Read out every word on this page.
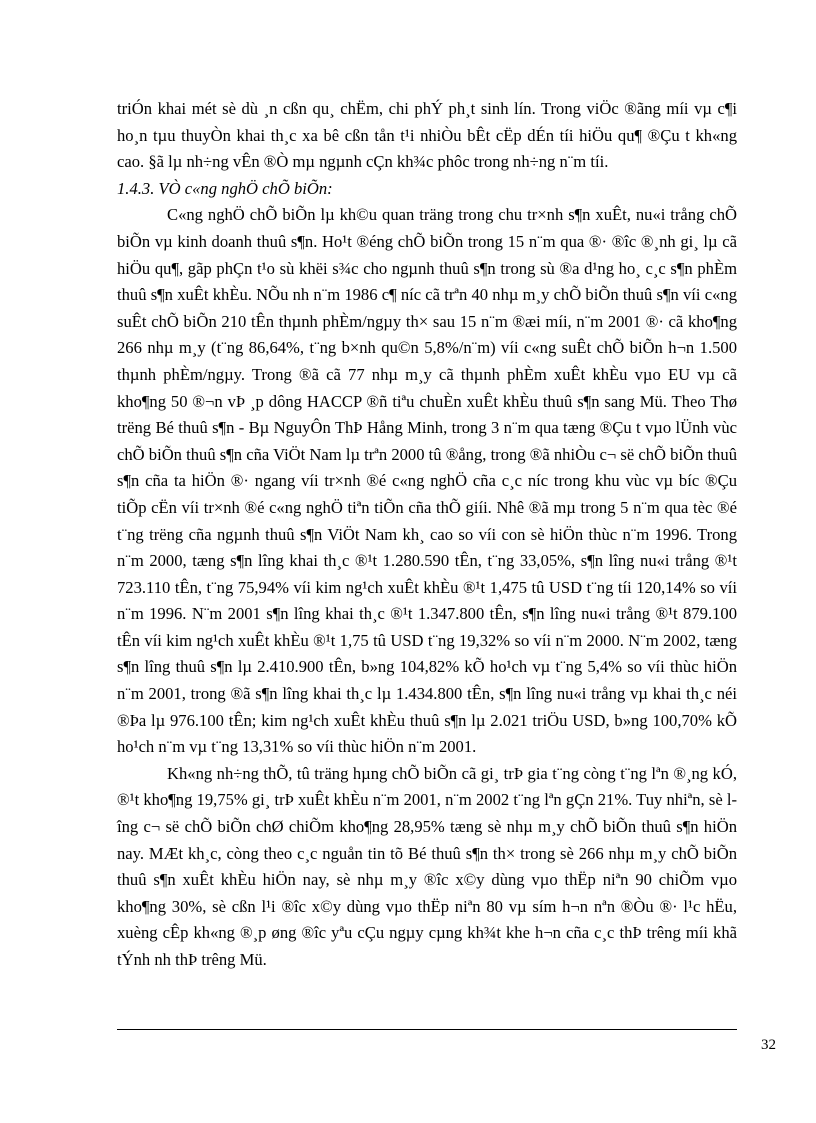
triÓn khai mét sè dù ¸n cßn qu¸ chËm, chi phÝ ph¸t sinh lín. Trong viÖc ®ãng míi vµ c¶i ho¸n tµu thuyÒn khai th¸c xa bê cßn tån t¹i nhiÒu bÊt cËp dÉn tíi hiÖu qu¶ ®Çu t kh«ng cao. §ã lµ nh÷ng vÊn ®Ò mµ ngµnh cÇn kh¾c phôc trong nh÷ng n¨m tíi.

1.4.3. VÒ c«ng nghÖ chÕ biÕn:

C«ng nghÖ chÕ biÕn lµ kh©u quan träng trong chu tr×nh s¶n xuÊt, nu«i trång chÕ biÕn vµ kinh doanh thuû s¶n. Ho¹t ®éng chÕ biÕn trong 15 n¨m qua ®· ®îc ®¸nh gi¸ lµ cã hiÖu qu¶, gãp phÇn t¹o sù khëi s¾c cho ngµnh thuû s¶n trong sù ®a d¹ng ho¸ c¸c s¶n phÈm thuû s¶n xuÊt khÈu. NÕu nh n¨m 1986 c¶ níc cã trªn 40 nhµ m¸y chÕ biÕn thuû s¶n víi c«ng suÊt chÕ biÕn 210 tÊn thµnh phÈm/ngµy th× sau 15 n¨m ®æi míi, n¨m 2001 ®· cã kho¶ng 266 nhµ m¸y (t¨ng 86,64%, t¨ng b×nh qu©n 5,8%/n¨m) víi c«ng suÊt chÕ biÕn h¬n 1.500 thµnh phÈm/ngµy. Trong ®ã cã 77 nhµ m¸y cã thµnh phÈm xuÊt khÈu vµo EU vµ cã kho¶ng 50 ®¬n vÞ ¸p dông HACCP ®ñ tiªu chuÈn xuÊt khÈu thuû s¶n sang Mü. Theo Thø trëng Bé thuû s¶n - Bµ NguyÔn ThÞ Hång Minh, trong 3 n¨m qua tæng ®Çu t vµo lÜnh vùc chÕ biÕn thuû s¶n cña ViÖt Nam lµ trªn 2000 tû ®ång, trong ®ã nhiÒu c¬ së chÕ biÕn thuû s¶n cña ta hiÖn ®· ngang víi tr×nh ®é c«ng nghÖ cña c¸c níc trong khu vùc vµ bíc ®Çu tiÕp cËn víi tr×nh ®é c«ng nghÖ tiªn tiÕn cña thÕ giíi. Nhê ®ã mµ trong 5 n¨m qua tèc ®é t¨ng trëng cña ngµnh thuû s¶n ViÖt Nam kh¸ cao so víi con sè hiÖn thùc n¨m 1996. Trong n¨m 2000, tæng s¶n lîng khai th¸c ®¹t 1.280.590 tÊn, t¨ng 33,05%, s¶n lîng nu«i trång ®¹t 723.110 tÊn, t¨ng 75,94% víi kim ng¹ch xuÊt khÈu ®¹t 1,475 tû USD t¨ng tíi 120,14% so víi n¨m 1996. N¨m 2001 s¶n lîng khai th¸c ®¹t 1.347.800 tÊn, s¶n lîng nu«i trång ®¹t 879.100 tÊn víi kim ng¹ch xuÊt khÈu ®¹t 1,75 tû USD t¨ng 19,32% so víi n¨m 2000. N¨m 2002, tæng s¶n lîng thuû s¶n lµ 2.410.900 tÊn, b»ng 104,82% kÕ ho¹ch vµ t¨ng 5,4% so víi thùc hiÖn n¨m 2001, trong ®ã s¶n lîng khai th¸c lµ 1.434.800 tÊn, s¶n lîng nu«i trång vµ khai th¸c néi ®Þa lµ 976.100 tÊn; kim ng¹ch xuÊt khÈu thuû s¶n lµ 2.021 triÖu USD, b»ng 100,70% kÕ ho¹ch n¨m vµ t¨ng 13,31% so víi thùc hiÖn n¨m 2001.

Kh«ng nh÷ng thÕ, tû träng hµng chÕ biÕn cã gi¸ trÞ gia t¨ng còng t¨ng lªn ®¸ng kÓ, ®¹t kho¶ng 19,75% gi¸ trÞ xuÊt khÈu n¨m 2001, n¨m 2002 t¨ng lªn gÇn 21%. Tuy nhiªn, sè lîng c¬ së chÕ biÕn chØ chiÕm kho¶ng 28,95% tæng sè nhµ m¸y chÕ biÕn thuû s¶n hiÖn nay. MÆt kh¸c, còng theo c¸c nguån tin tõ Bé thuû s¶n th× trong sè 266 nhµ m¸y chÕ biÕn thuû s¶n xuÊt khÈu hiÖn nay, sè nhµ m¸y ®îc x©y dùng vµo thËp niªn 90 chiÕm vµo kho¶ng 30%, sè cßn l¹i ®îc x©y dùng vµo thËp niªn 80 vµ sím h¬n nªn ®Òu ®· l¹c hËu, xuèng cÊp kh«ng ®¸p øng ®îc yªu cÇu ngµy cµng kh¾t khe h¬n cña c¸c thÞ trêng míi khã tÝnh nh thÞ trêng Mü.

32
